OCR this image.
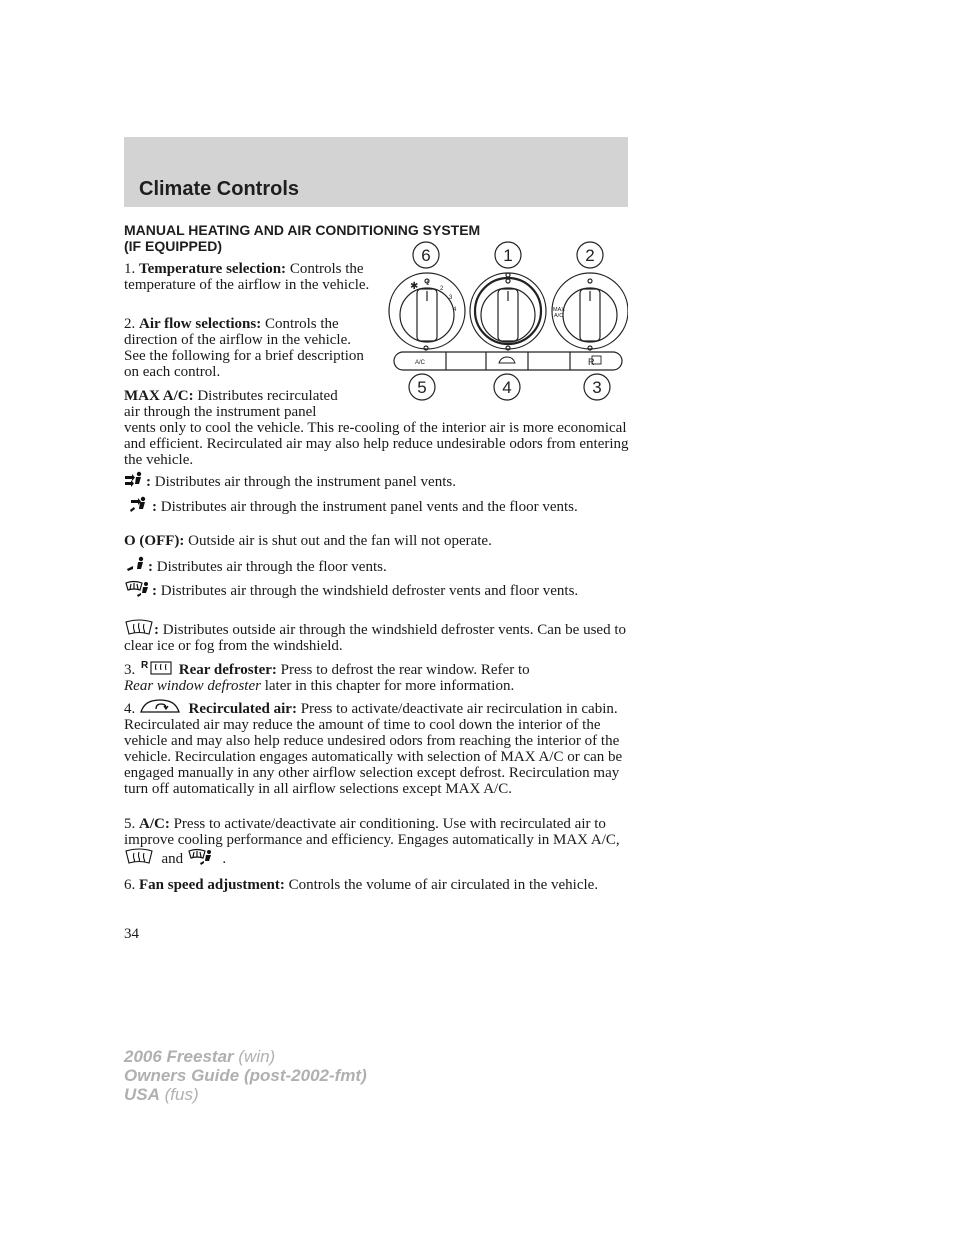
Climate Controls
MANUAL HEATING AND AIR CONDITIONING SYSTEM
(IF EQUIPPED)	6	1	2
5	4	3
✱ 1
2
3
4	MAX
A/C
A/C	R
1. Temperature selection: Controls the temperature of the airflow in the vehicle.
2. Air flow selections: Controls the direction of the airflow in the vehicle. See the following for a brief description on each control.
MAX A/C: Distributes recirculated
air through the instrument panel
vents only to cool the vehicle. This re-cooling of the interior air is more economical and efficient. Recirculated air may also help reduce undesirable odors from entering the vehicle.
: Distributes air through the instrument panel vents.
: Distributes air through the instrument panel vents and the floor vents.
O (OFF): Outside air is shut out and the fan will not operate.
: Distributes air through the floor vents.
: Distributes air through the windshield defroster vents and floor vents.
: Distributes outside air through the windshield defroster vents. Can be used to clear ice or fog from the windshield.
3. R Rear defroster: Press to defrost the rear window. Refer to
Rear window defroster later in this chapter for more information.
4.	Recirculated air: Press to activate/deactivate air recirculation in cabin. Recirculated air may reduce the amount of time to cool down the interior of the vehicle and may also help reduce undesired odors from reaching the interior of the vehicle. Recirculation engages automatically with selection of MAX A/C or can be engaged manually in any other airflow selection except defrost. Recirculation may turn off automatically in all airflow selections except MAX A/C.
5. A/C: Press to activate/deactivate air conditioning. Use with recirculated air to improve cooling performance and efficiency. Engages automatically in MAX A/C,   and	.
6. Fan speed adjustment: Controls the volume of air circulated in the vehicle.
34
2006 Freestar (win)
Owners Guide (post-2002-fmt)
USA (fus)
